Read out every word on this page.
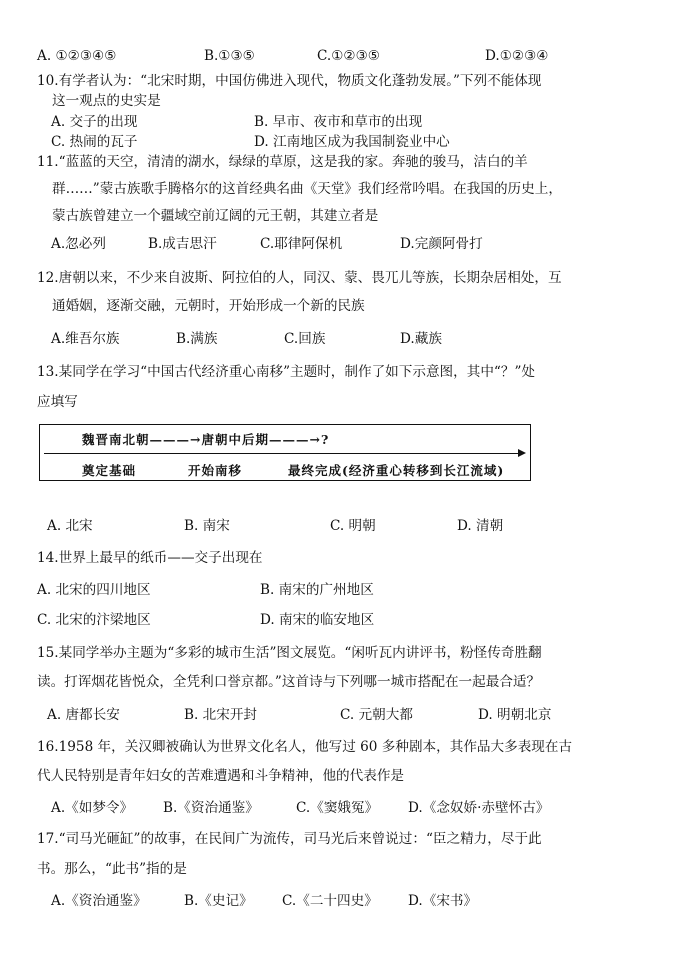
A. ①②③④⑤	B.①③⑤	C.①②③⑤	D.①②③④
10.有学者认为：“北宋时期，中国仿佛进入现代，物质文化蓬勃发展。”下列不能体现
这一观点的史实是
A. 交子的出现	B. 早市、夜市和草市的出现
C. 热闹的瓦子	D. 江南地区成为我国制瓷业中心
11.“蓝蓝的天空，清清的湖水，绿绿的草原，这是我的家。奔驰的骏马，洁白的羊
群……”蒙古族歌手腾格尔的这首经典名曲《天堂》我们经常吟唱。在我国的历史上，
蒙古族曾建立一个疆域空前辽阔的元王朝，其建立者是
A.忽必列	B.成吉思汗	C.耶律阿保机	D.完颜阿骨打
12.唐朝以来，不少来自波斯、阿拉伯的人，同汉、蒙、畏兀儿等族，长期杂居相处，互
通婚姻，逐渐交融，元朝时，开始形成一个新的民族
A.维吾尔族	B.满族	C.回族	D.藏族
13.某同学在学习“中国古代经济重心南移”主题时，制作了如下示意图，其中“？”处
应填写
魏晋南北朝———→唐朝中后期———→?
奠定基础	开始南移	最终完成(经济重心转移到长江流域)
A. 北宋	B. 南宋	C. 明朝	D. 清朝
14.世界上最早的纸币——交子出现在
A. 北宋的四川地区	B. 南宋的广州地区
C. 北宋的汴梁地区	D. 南宋的临安地区
15.某同学举办主题为“多彩的城市生活”图文展览。“闲听瓦内讲评书，粉怪传奇胜翻
读。打诨烟花皆悦众，全凭利口誉京都。”这首诗与下列哪一城市搭配在一起最合适？
A. 唐都长安	B. 北宋开封	C. 元朝大都	D. 明朝北京
16.1958 年，关汉卿被确认为世界文化名人，他写过 60 多种剧本，其作品大多表现在古
代人民特别是青年妇女的苦难遭遇和斗争精神，他的代表作是
A.《如梦令》 B.《资治通鉴》	C.《窦娥冤》 D.《念奴娇·赤壁怀古》
17.“司马光砸缸”的故事，在民间广为流传，司马光后来曾说过：“臣之精力，尽于此
书。那么，“此书”指的是
A.《资治通鉴》	B.《史记》 C.《二十四史》 D.《宋书》
